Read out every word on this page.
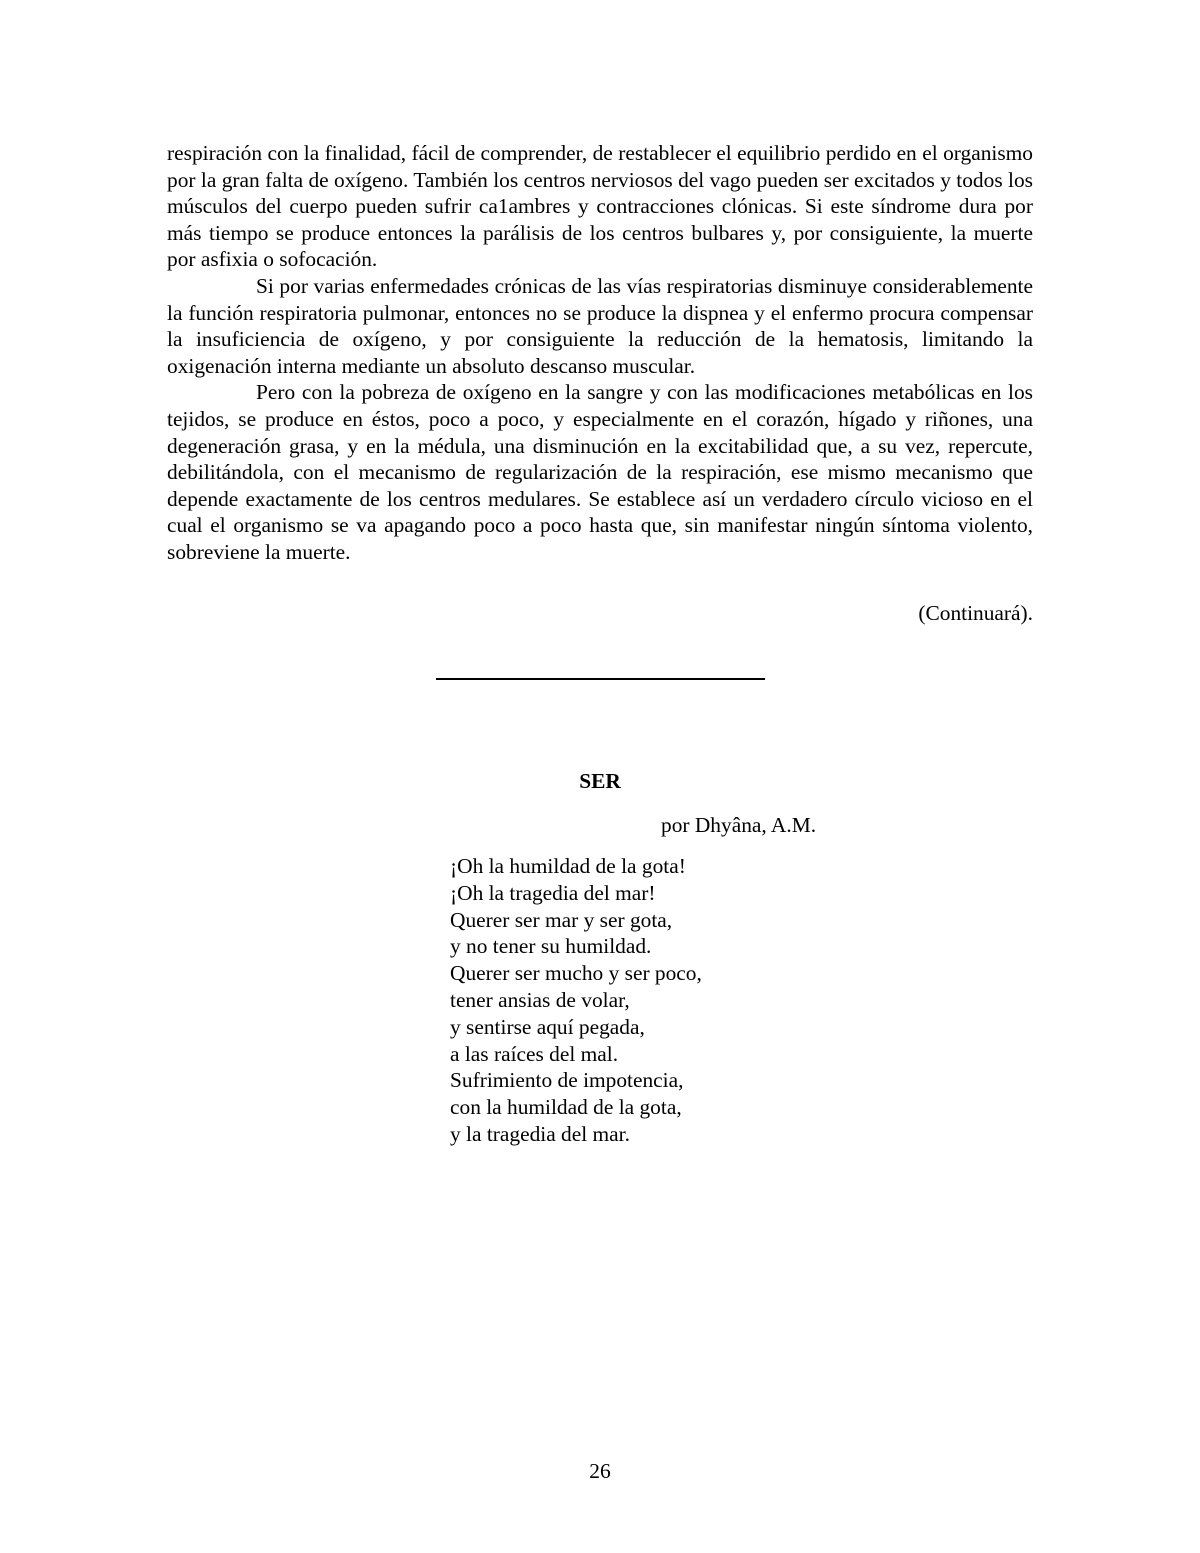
respiración con la finalidad, fácil de comprender, de restablecer el equilibrio perdido en el organismo por la gran falta de oxígeno. También los centros nerviosos del vago pueden ser excitados y todos los músculos del cuerpo pueden sufrir ca1ambres y contracciones clónicas. Si este síndrome dura por más tiempo se produce entonces la parálisis de los centros bulbares y, por consiguiente, la muerte por asfixia o sofocación.

Si por varias enfermedades crónicas de las vías respiratorias disminuye considerablemente la función respiratoria pulmonar, entonces no se produce la dispnea y el enfermo procura compensar la insuficiencia de oxígeno, y por consiguiente la reducción de la hematosis, limitando la oxigenación interna mediante un absoluto descanso muscular.

Pero con la pobreza de oxígeno en la sangre y con las modificaciones metabólicas en los tejidos, se produce en éstos, poco a poco, y especialmente en el corazón, hígado y riñones, una degeneración grasa, y en la médula, una disminución en la excitabilidad que, a su vez, repercute, debilitándola, con el mecanismo de regularización de la respiración, ese mismo mecanismo que depende exactamente de los centros medulares. Se establece así un verdadero círculo vicioso en el cual el organismo se va apagando poco a poco hasta que, sin manifestar ningún síntoma violento, sobreviene la muerte.

(Continuará).
SER
por Dhyâna, A.M.
¡Oh la humildad de la gota!
¡Oh la tragedia del mar!
Querer ser mar y ser gota,
y no tener su humildad.
Querer ser mucho y ser poco,
tener ansias de volar,
y sentirse aquí pegada,
a las raíces del mal.
Sufrimiento de impotencia,
con la humildad de la gota,
y la tragedia del mar.
26
